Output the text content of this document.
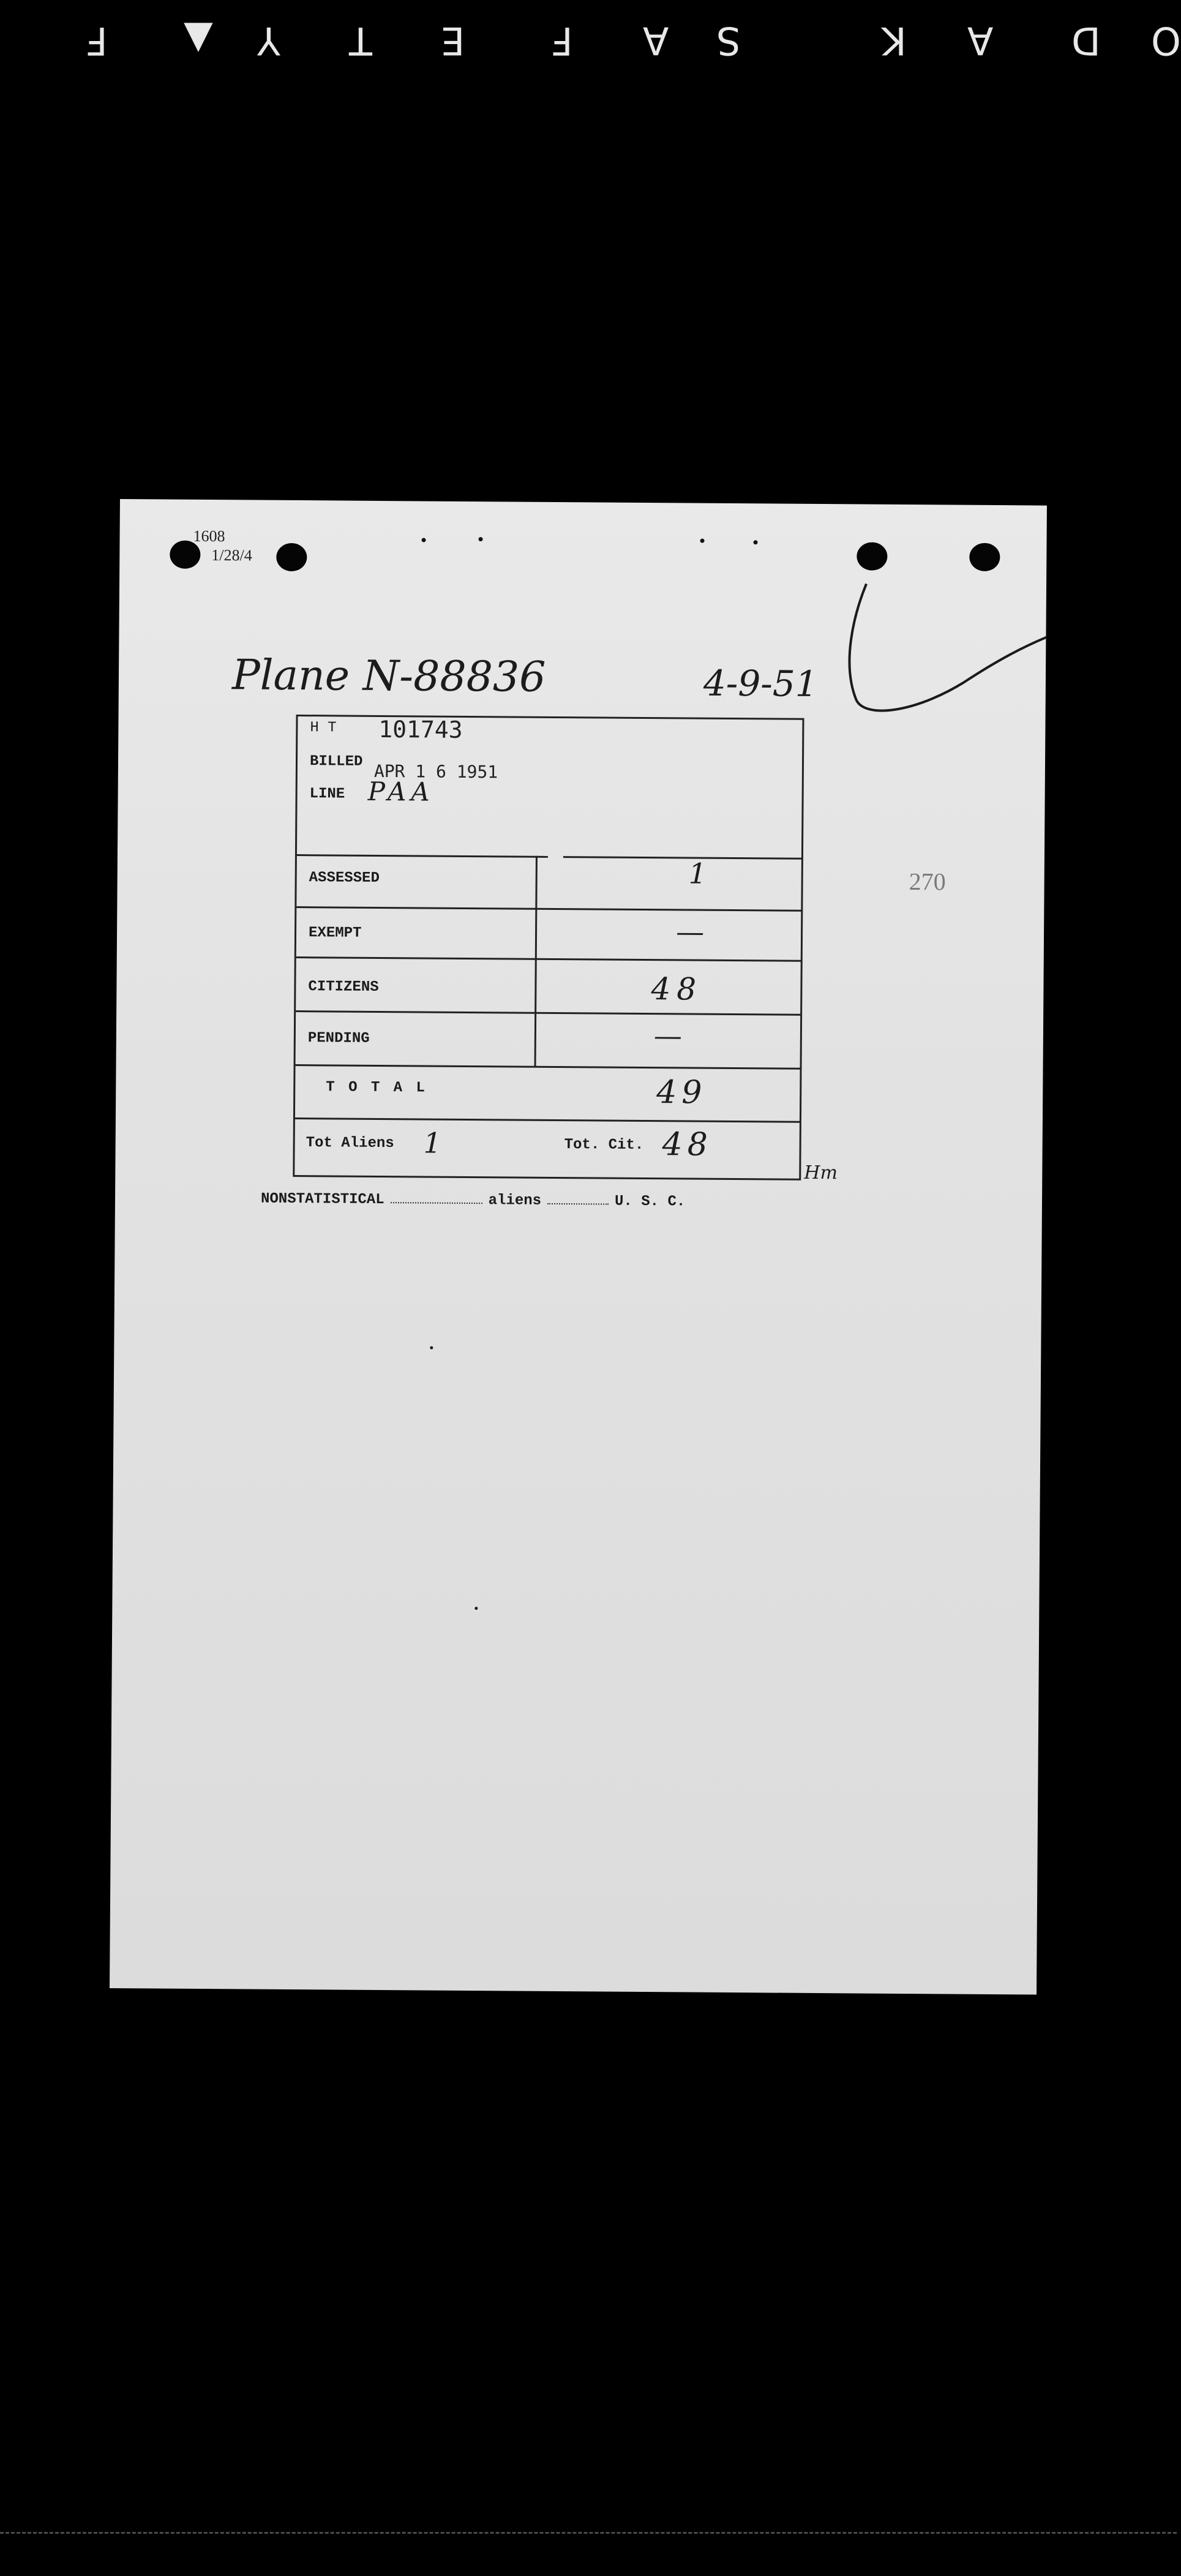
F ▲ Y T E F A S	K A D O
1608
1/28/4
Plane N-88836	4-9-51
270
H T 101743
BILLED APR 1 6 1951
LINE PAA
ASSESSED	1
EXEMPT	—
CITIZENS	48
PENDING	—
T O T A L	49
Tot Aliens 1	Tot. Cit. 48
Hm
NONSTATISTICAL	aliens	U. S. C.
